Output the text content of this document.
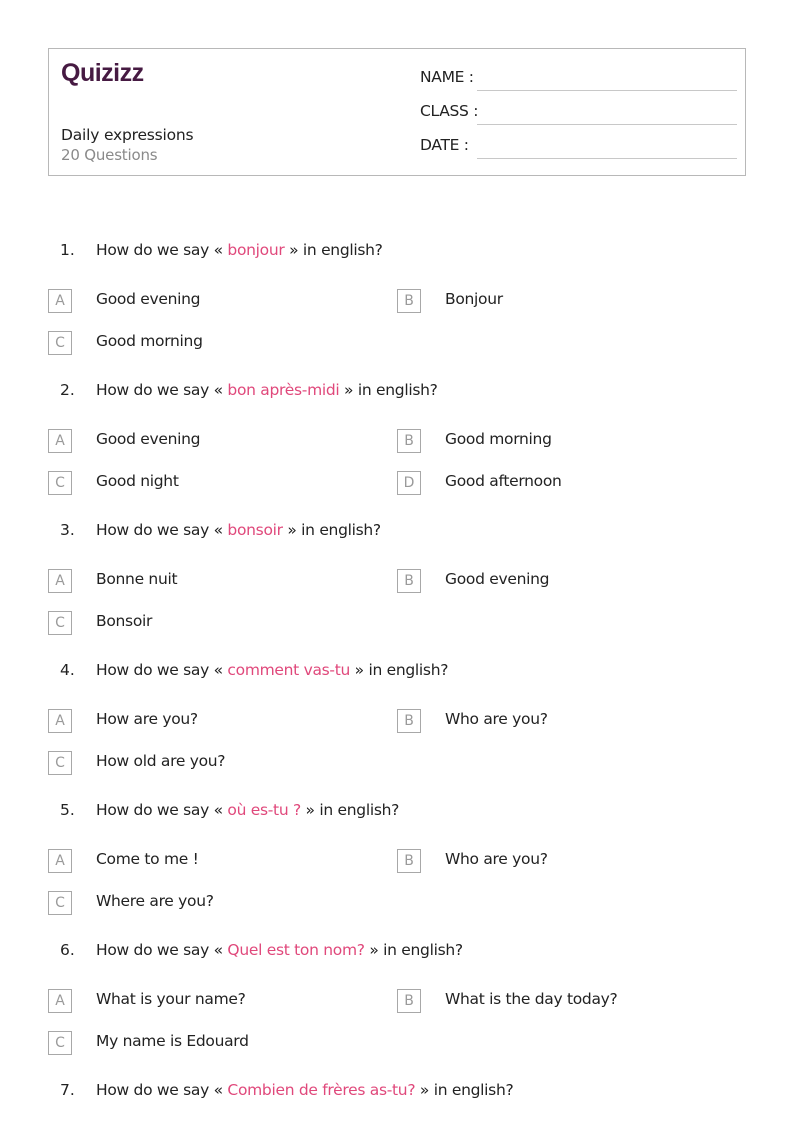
Quizizz
Daily expressions
20 Questions
NAME :
CLASS :
DATE :
1. How do we say « bonjour » in english?
A	Good evening	B	Bonjour
C	Good morning
2. How do we say « bon après-midi » in english?
A	Good evening	B	Good morning
C	Good night	D	Good afternoon
3. How do we say « bonsoir » in english?
A	Bonne nuit	B	Good evening
C	Bonsoir
4. How do we say « comment vas-tu » in english?
A	How are you?	B	Who are you?
C	How old are you?
5. How do we say « où es-tu ? » in english?
A	Come to me !	B	Who are you?
C	Where are you?
6. How do we say « Quel est ton nom? » in english?
A	What is your name?	B	What is the day today?
C	My name is Edouard
7. How do we say « Combien de frères as-tu? » in english?
